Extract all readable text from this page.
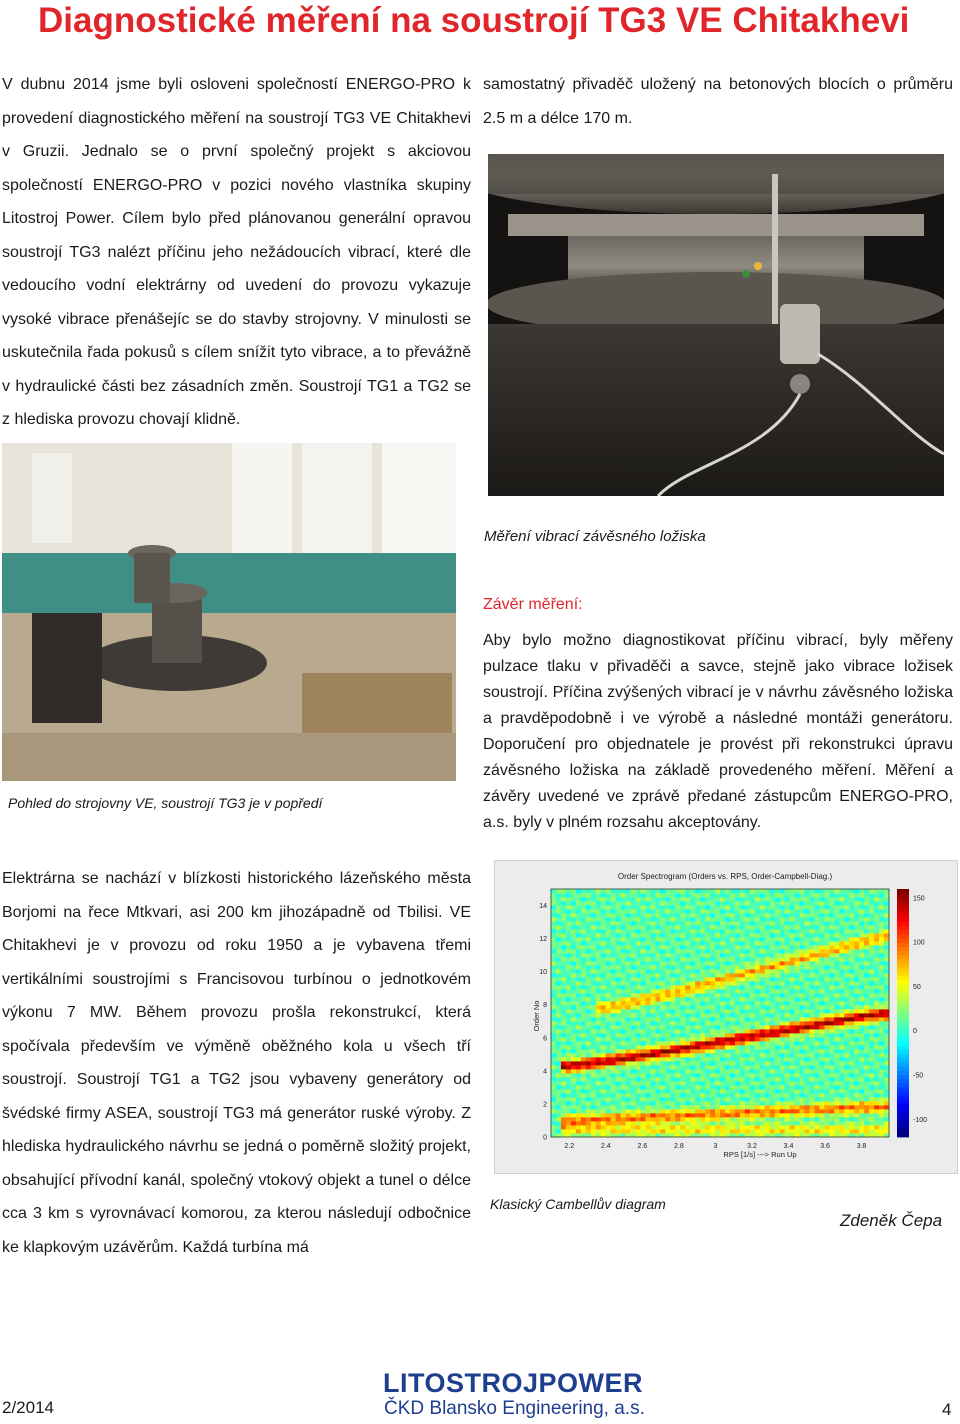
Diagnostické měření na soustrojí TG3 VE Chitakhevi
V dubnu 2014 jsme byli osloveni společností ENERGO-PRO k provedení diagnostického měření na soustrojí TG3 VE Chitakhevi v Gruzii. Jednalo se o první společný projekt s akciovou společností ENERGO-PRO v pozici nového vlastníka skupiny Litostroj Power. Cílem bylo před plánovanou generální opravou soustrojí TG3 nalézt příčinu jeho nežádoucích vibrací, které dle vedoucího vodní elektrárny od uvedení do provozu vykazuje vysoké vibrace přenášejíc se do stavby strojovny. V minulosti se uskutečnila řada pokusů s cílem snížit tyto vibrace, a to převážně v hydraulické části bez zásadních změn. Soustrojí TG1 a TG2 se z hlediska provozu chovají klidně.
samostatný přivaděč uložený na betonových blocích o průměru 2.5 m a délce 170 m.
Měření vibrací závěsného ložiska
Pohled do strojovny VE, soustrojí TG3 je v popředí
Závěr měření:
Aby bylo možno diagnostikovat příčinu vibrací, byly měřeny pulzace tlaku v přivaděči a savce, stejně jako vibrace ložisek soustrojí. Příčina zvýšených vibrací je v návrhu závěsného ložiska a pravděpodobně i ve výrobě a následné montáži generátoru. Doporučení pro objednatele je provést při rekonstrukci úpravu závěsného ložiska na základě provedeného měření. Měření a závěry uvedené ve zprávě předané zástupcům ENERGO-PRO, a.s. byly v plném rozsahu akceptovány.
Elektrárna se nachází v blízkosti historického lázeňského města Borjomi na řece Mtkvari, asi 200 km jihozápadně od Tbilisi. VE Chitakhevi je v provozu od roku 1950 a je vybavena třemi vertikálními soustrojími s Francisovou turbínou o jednotkovém výkonu 7 MW. Během provozu prošla rekonstrukcí, která spočívala především ve výměně oběžného kola u všech tří soustrojí. Soustrojí TG1 a TG2 jsou vybaveny generátory od švédské firmy ASEA, soustrojí TG3 má generátor ruské výroby. Z hlediska hydraulického návrhu se jedná o poměrně složitý projekt, obsahující přívodní kanál, společný vtokový objekt a tunel o délce cca 3 km s vyrovnávací komorou, za kterou následují odbočnice ke klapkovým uzávěrům. Každá turbína má
Order Spectrogram (Orders vs. RPS, Order-Campbell-Diag.)
2.2	2.4	2.6	2.8	3	3.2	3.4	3.6	3.8
0
2
4
6
8
10
12
14
150
100
50
0
-50
-100
RPS [1/s] ---> Run Up
Order No
Klasický Cambellův diagram
Zdeněk Čepa
2/2014
LITOSTROJPOWER
ČKD Blansko Engineering, a.s.	4
